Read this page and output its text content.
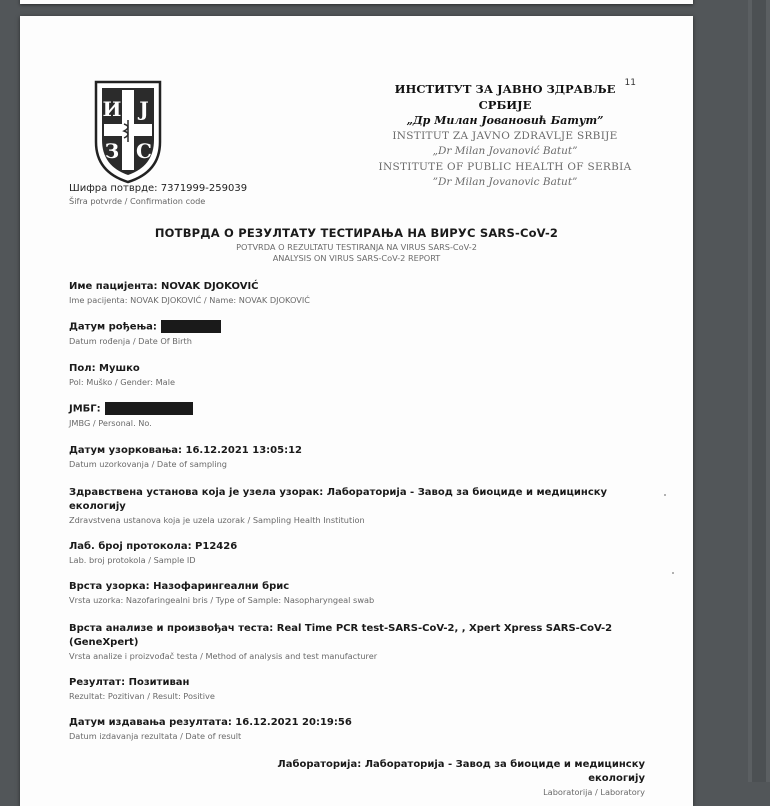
И Ј
З С
11
ИНСТИТУТ ЗА ЈАВНО ЗДРАВЉЕ СРБИЈЕ
„Др Милан Јовановић Батут”
INSTITUT ZA JAVNO ZDRAVLJE SRBIJE
„Dr Milan Jovanović Batut”
INSTITUTE OF PUBLIC HEALTH OF SERBIA
”Dr Milan Jovanovic Batut”
Шифра потврде: 7371999-259039
Šifra potvrde / Confirmation code
ПОТВРДА О РЕЗУЛТАТУ ТЕСТИРАЊА НА ВИРУС SARS-CoV-2
POTVRDA O REZULTATU TESTIRANJA NA VIRUS SARS-CoV-2
ANALYSIS ON VIRUS SARS-CoV-2 REPORT
Име пацијента: NOVAK DJOKOVIĆ
Ime pacijenta: NOVAK DJOKOVIĆ / Name: NOVAK DJOKOVIĆ
Датум рођења:
Datum rođenja / Date Of Birth
Пол: Мушко
Pol: Muško / Gender: Male
JMБГ:
JMBG / Personal. No.
Датум узорковања: 16.12.2021 13:05:12
Datum uzorkovanja / Date of sampling
Здравствена установа која је узела узорак: Лабораторија - Завод за биоциде и медицинску екологију
Zdravstvena ustanova koja je uzela uzorak / Sampling Health Institution
Лаб. број протокола: P12426
Lab. broj protokola / Sample ID
Врста узорка: Назофарингеални брис
Vrsta uzorka: Nazofaringealni bris / Type of Sample: Nasopharyngeal swab
Врста анализе и произвођач теста: Real Time PCR test-SARS-CoV-2, , Xpert Xpress SARS-CoV-2 (GeneXpert)
Vrsta analize i proizvođač testa / Method of analysis and test manufacturer
Резултат: Позитиван
Rezultat: Pozitivan / Result: Positive
Датум издавања резултата: 16.12.2021 20:19:56
Datum izdavanja rezultata / Date of result
Лабораторија: Лабораторија - Завод за биоциде и медицинску екологију
Laboratorija / Laboratory
